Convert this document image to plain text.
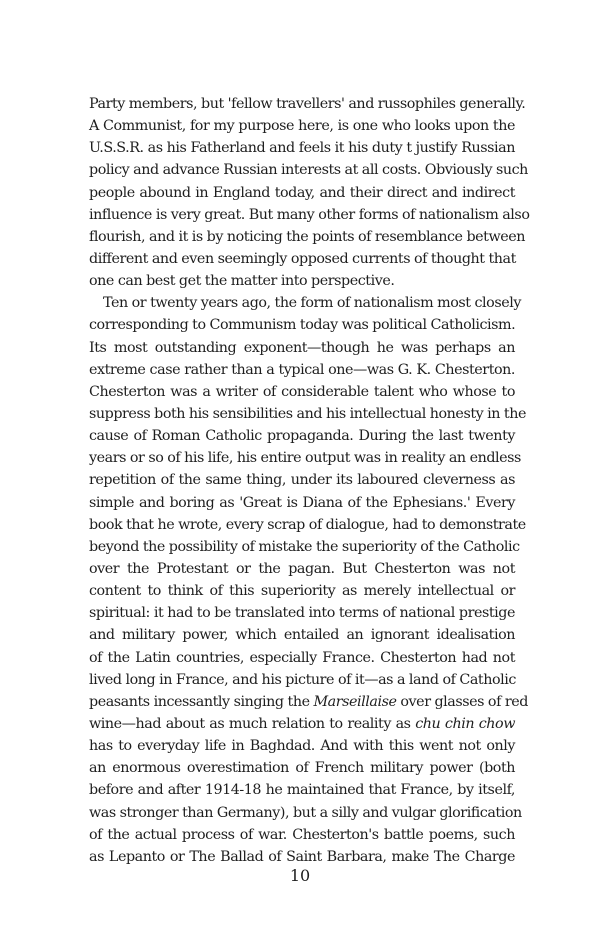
Party members, but 'fellow travellers' and russophiles generally.
A Communist, for my purpose here, is one who looks upon the
U.S.S.R. as his Fatherland and feels it his duty t justify Russian
policy and advance Russian interests at all costs. Obviously such
people abound in England today, and their direct and indirect
influence is very great. But many other forms of nationalism also
flourish, and it is by noticing the points of resemblance between
different and even seemingly opposed currents of thought that
one can best get the matter into perspective.
Ten or twenty years ago, the form of nationalism most closely
corresponding to Communism today was political Catholicism.
Its most outstanding exponent—though he was perhaps an
extreme case rather than a typical one—was G. K. Chesterton.
Chesterton was a writer of considerable talent who whose to
suppress both his sensibilities and his intellectual honesty in the
cause of Roman Catholic propaganda. During the last twenty
years or so of his life, his entire output was in reality an endless
repetition of the same thing, under its laboured cleverness as
simple and boring as 'Great is Diana of the Ephesians.' Every
book that he wrote, every scrap of dialogue, had to demonstrate
beyond the possibility of mistake the superiority of the Catholic
over the Protestant or the pagan. But Chesterton was not
content to think of this superiority as merely intellectual or
spiritual: it had to be translated into terms of national prestige
and military power, which entailed an ignorant idealisation
of the Latin countries, especially France. Chesterton had not
lived long in France, and his picture of it—as a land of Catholic
peasants incessantly singing the Marseillaise over glasses of red
wine—had about as much relation to reality as chu chin chow
has to everyday life in Baghdad. And with this went not only
an enormous overestimation of French military power (both
before and after 1914-18 he maintained that France, by itself,
was stronger than Germany), but a silly and vulgar glorification
of the actual process of war. Chesterton's battle poems, such
as Lepanto or The Ballad of Saint Barbara, make The Charge
10
